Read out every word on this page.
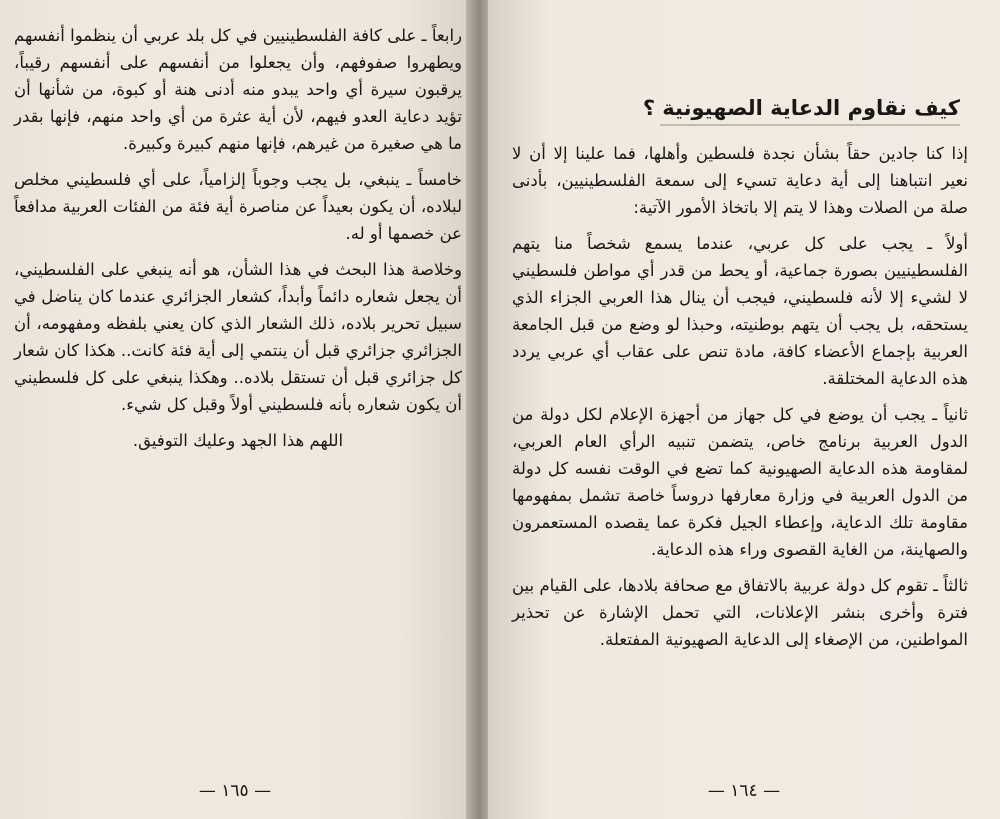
رابعاً ـ على كافة الفلسطينيين في كل بلد عربي أن ينظموا أنفسهم ويطهروا صفوفهم، وأن يجعلوا من أنفسهم على أنفسهم رقيباً، يرقبون سيرة أي واحد يبدو منه أدنى هنة أو كبوة، من شأنها أن تؤيد دعاية العدو فيهم، لأن أية عثرة من أي واحد منهم، فإنها بقدر ما هي صغيرة من غيرهم، فإنها منهم كبيرة وكبيرة.

خامساً ـ ينبغي، بل يجب وجوباً إلزامياً، على أي فلسطيني مخلص لبلاده، أن يكون بعيداً عن مناصرة أية فئة من الفئات العربية مدافعاً عن خصمها أو له.

وخلاصة هذا البحث في هذا الشأن، هو أنه ينبغي على الفلسطيني، أن يجعل شعاره دائماً وأبداً، كشعار الجزائري عندما كان يناضل في سبيل تحرير بلاده، ذلك الشعار الذي كان يعني بلفظه ومفهومه، أن الجزائري جزائري قبل أن ينتمي إلى أية فئة كانت.. هكذا كان شعار كل جزائري قبل أن تستقل بلاده.. وهكذا ينبغي على كل فلسطيني أن يكون شعاره بأنه فلسطيني أولاً وقبل كل شيء.

اللهم هذا الجهد وعليك التوفيق.

— ١٦٥ —
كيف نقاوم الدعاية الصهيونية ؟

إذا كنا جادين حقاً بشأن نجدة فلسطين وأهلها، فما علينا إلا أن لا نعير انتباهنا إلى أية دعاية تسيء إلى سمعة الفلسطينيين، بأدنى صلة من الصلات وهذا لا يتم إلا باتخاذ الأمور الآتية:

أولاً ـ يجب على كل عربي، عندما يسمع شخصاً منا يتهم الفلسطينيين بصورة جماعية، أو يحط من قدر أي مواطن فلسطيني لا لشيء إلا لأنه فلسطيني، فيجب أن ينال هذا العربي الجزاء الذي يستحقه، بل يجب أن يتهم بوطنيته، وحبذا لو وضع من قبل الجامعة العربية بإجماع الأعضاء كافة، مادة تنص على عقاب أي عربي يردد هذه الدعاية المختلقة.

ثانياً ـ يجب أن يوضع في كل جهاز من أجهزة الإعلام لكل دولة من الدول العربية برنامج خاص، يتضمن تنبيه الرأي العام العربي، لمقاومة هذه الدعاية الصهيونية كما تضع في الوقت نفسه كل دولة من الدول العربية في وزارة معارفها دروساً خاصة تشمل بمفهومها مقاومة تلك الدعاية، وإعطاء الجيل فكرة عما يقصده المستعمرون والصهاينة، من الغاية القصوى وراء هذه الدعاية.

ثالثاً ـ تقوم كل دولة عربية بالاتفاق مع صحافة بلادها، على القيام بين فترة وأخرى بنشر الإعلانات، التي تحمل الإشارة عن تحذير المواطنين، من الإصغاء إلى الدعاية الصهيونية المفتعلة.

— ١٦٤ —
